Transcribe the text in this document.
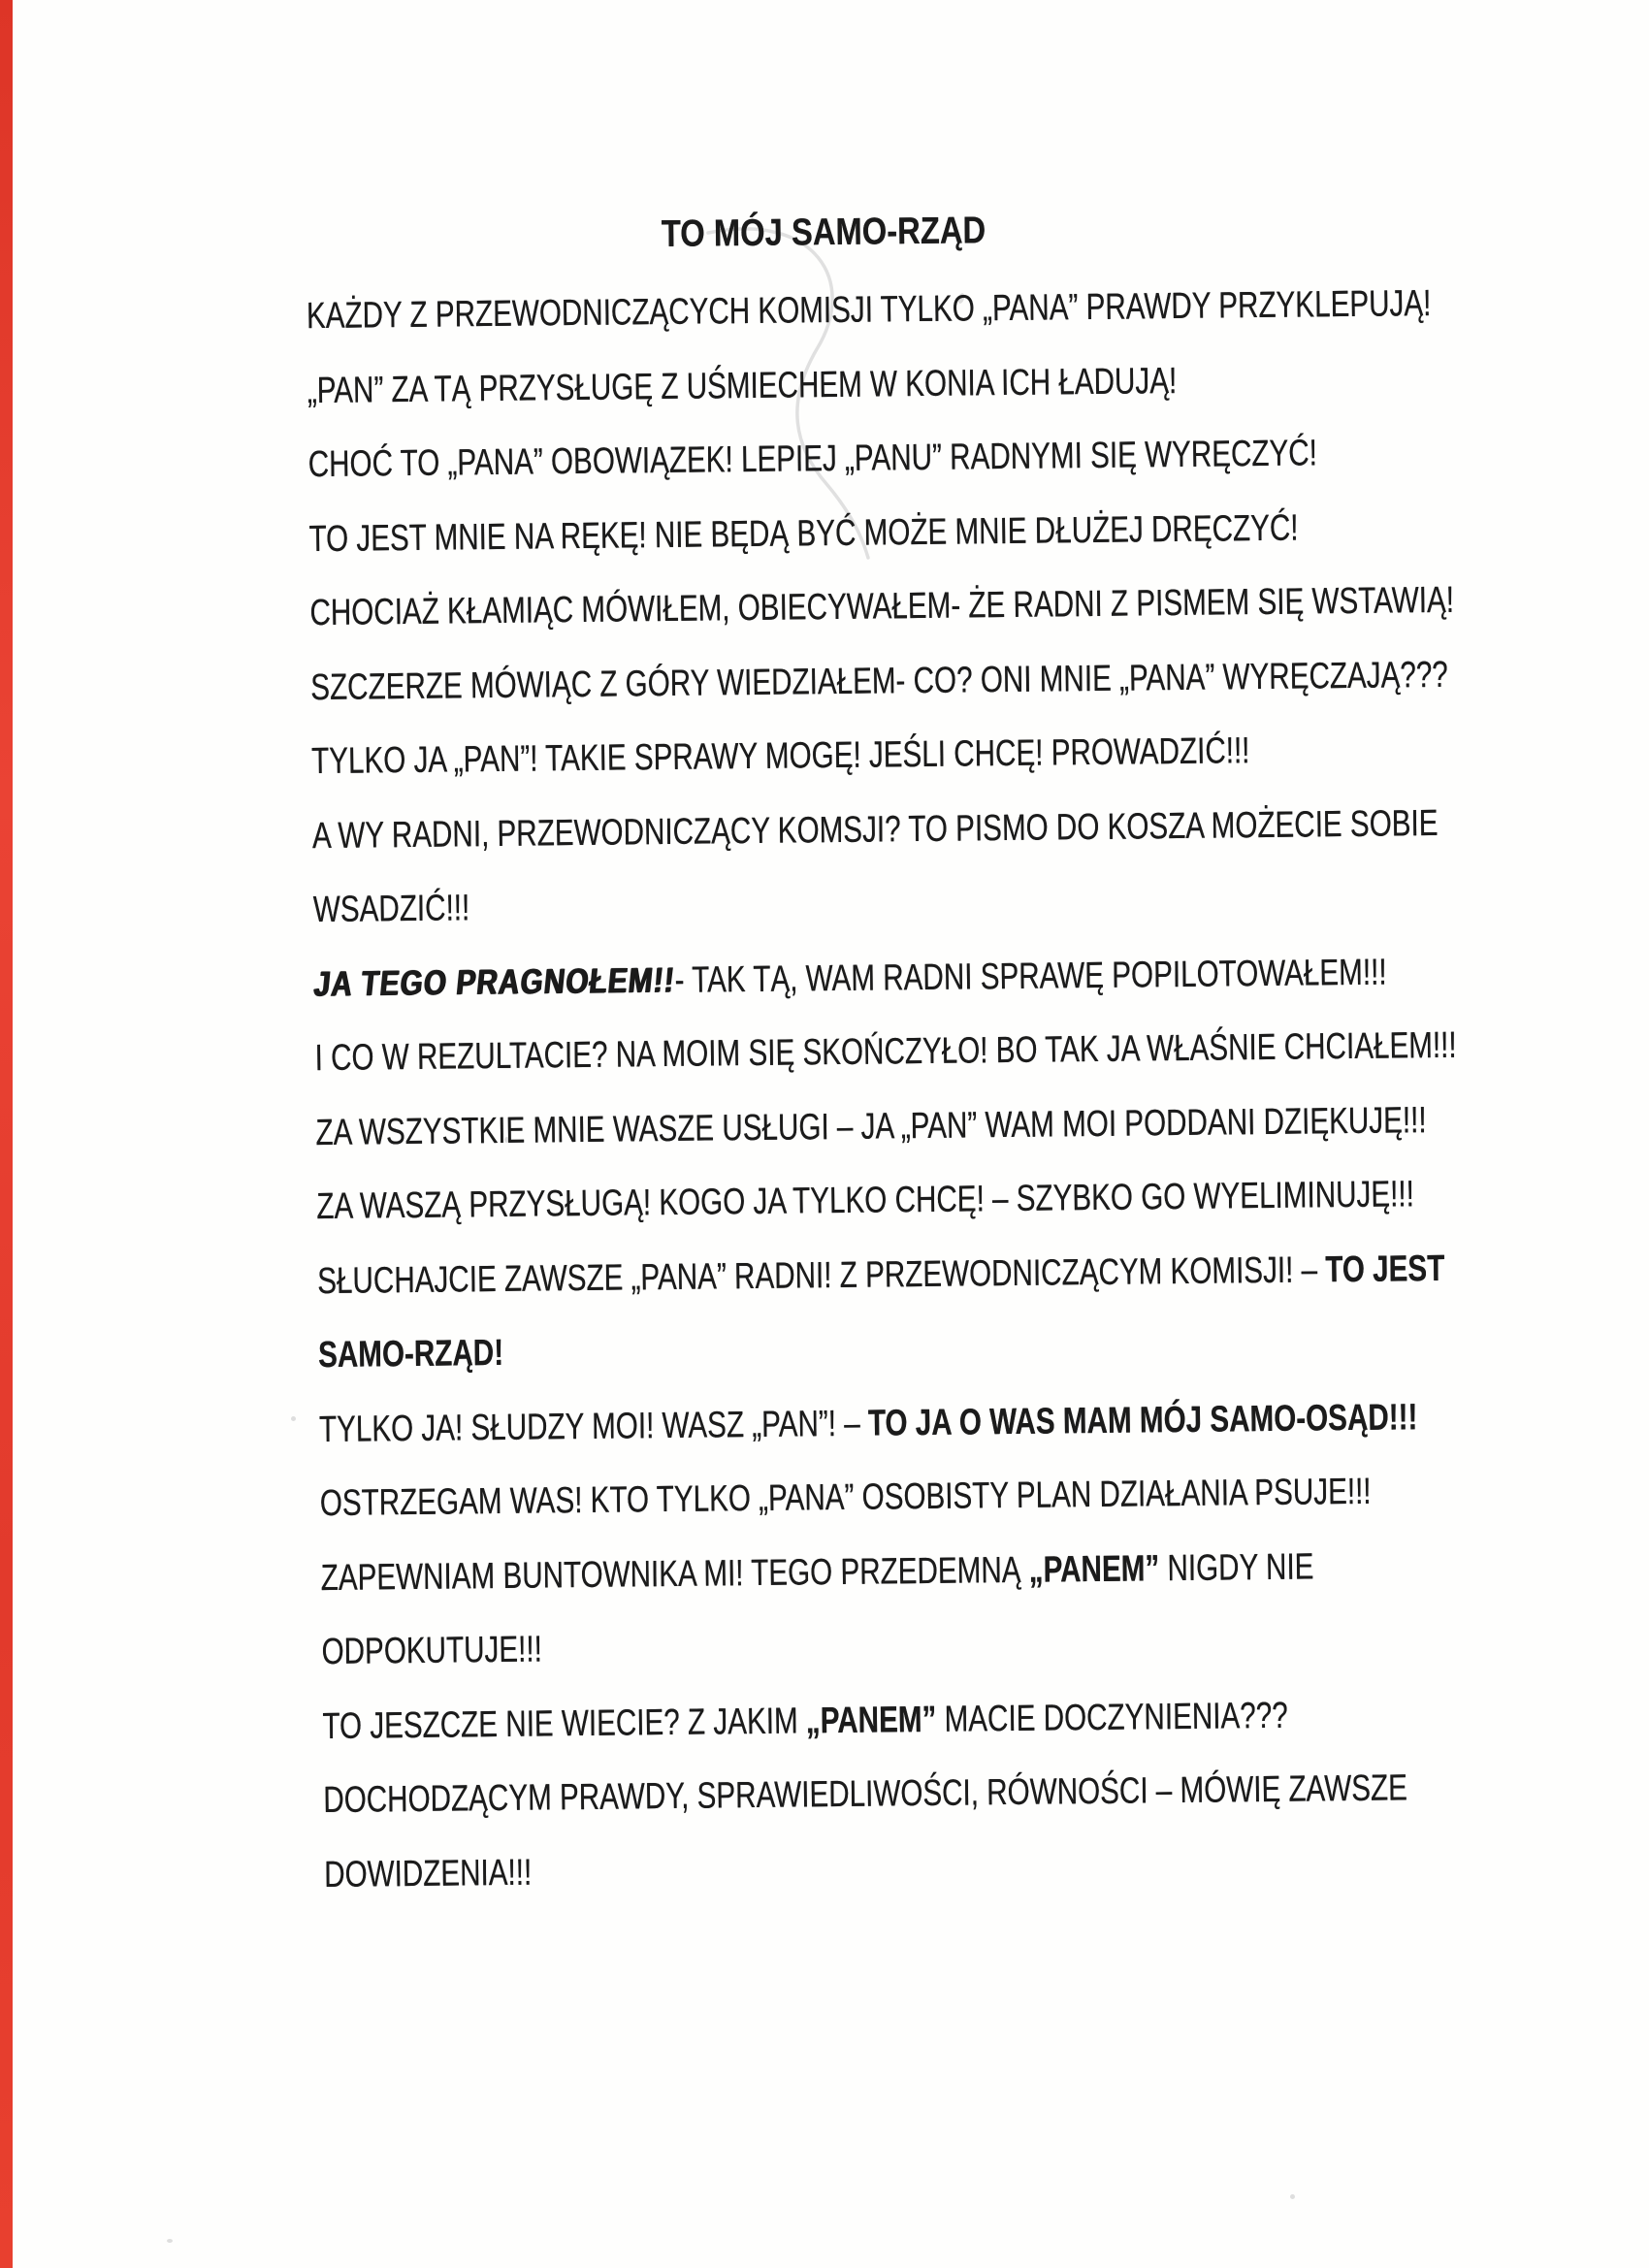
TO MÓJ SAMO-RZĄD

KAŻDY Z PRZEWODNICZĄCYCH KOMISJI TYLKO „PANA” PRAWDY PRZYKLEPUJĄ!

„PAN” ZA TĄ PRZYSŁUGĘ Z UŚMIECHEM W KONIA ICH ŁADUJĄ!

CHOĆ TO „PANA” OBOWIĄZEK! LEPIEJ „PANU” RADNYMI SIĘ WYRĘCZYĆ!

TO JEST MNIE NA RĘKĘ! NIE BĘDĄ BYĆ MOŻE MNIE DŁUŻEJ DRĘCZYĆ!

CHOCIAŻ KŁAMIĄC MÓWIŁEM, OBIECYWAŁEM- ŻE RADNI Z PISMEM SIĘ WSTAWIĄ!

SZCZERZE MÓWIĄC Z GÓRY WIEDZIAŁEM- CO? ONI MNIE „PANA” WYRĘCZAJĄ???

TYLKO JA „PAN”! TAKIE SPRAWY MOGĘ! JEŚLI CHCĘ! PROWADZIĆ!!!

A WY RADNI, PRZEWODNICZĄCY KOMSJI? TO PISMO DO KOSZA MOŻECIE SOBIE WSADZIĆ!!!

JA TEGO PRAGNOŁEM!!- TAK TĄ, WAM RADNI SPRAWĘ POPILOTOWAŁEM!!!

I CO W REZULTACIE? NA MOIM SIĘ SKOŃCZYŁO! BO TAK JA WŁAŚNIE CHCIAŁEM!!!

ZA WSZYSTKIE MNIE WASZE USŁUGI – JA „PAN” WAM MOI PODDANI DZIĘKUJĘ!!!

ZA WASZĄ PRZYSŁUGĄ! KOGO JA TYLKO CHCĘ! – SZYBKO GO WYELIMINUJĘ!!!

SŁUCHAJCIE ZAWSZE „PANA” RADNI! Z PRZEWODNICZĄCYM KOMISJI! – TO JEST SAMO-RZĄD!

TYLKO JA! SŁUDZY MOI! WASZ „PAN”! – TO JA O WAS MAM MÓJ SAMO-OSĄD!!!

OSTRZEGAM WAS! KTO TYLKO „PANA” OSOBISTY PLAN DZIAŁANIA PSUJE!!!

ZAPEWNIAM BUNTOWNIKA MI! TEGO PRZEDEMNĄ „PANEM” NIGDY NIE ODPOKUTUJE!!!

TO JESZCZE NIE WIECIE? Z JAKIM „PANEM” MACIE DOCZYNIENIA???

DOCHODZĄCYM PRAWDY, SPRAWIEDLIWOŚCI, RÓWNOŚCI – MÓWIĘ ZAWSZE DOWIDZENIA!!!
